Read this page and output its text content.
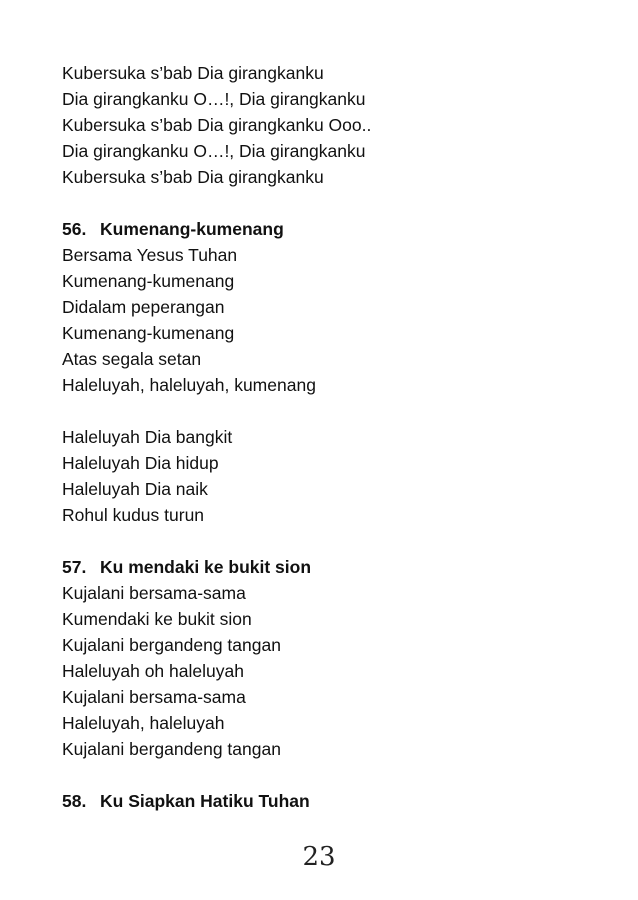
Kubersuka s’bab Dia girangkanku
Dia girangkanku O…!, Dia girangkanku
Kubersuka s’bab Dia girangkanku Ooo..
Dia girangkanku O…!, Dia girangkanku
Kubersuka s’bab Dia girangkanku
56. Kumenang-kumenang
Bersama Yesus Tuhan
Kumenang-kumenang
Didalam peperangan
Kumenang-kumenang
Atas segala setan
Haleluyah, haleluyah, kumenang
Haleluyah Dia bangkit
Haleluyah Dia hidup
Haleluyah Dia naik
Rohul kudus turun
57. Ku mendaki ke bukit sion
Kujalani bersama-sama
Kumendaki ke bukit sion
Kujalani bergandeng tangan
Haleluyah oh haleluyah
Kujalani bersama-sama
Haleluyah, haleluyah
Kujalani bergandeng tangan
58. Ku Siapkan Hatiku Tuhan
23
